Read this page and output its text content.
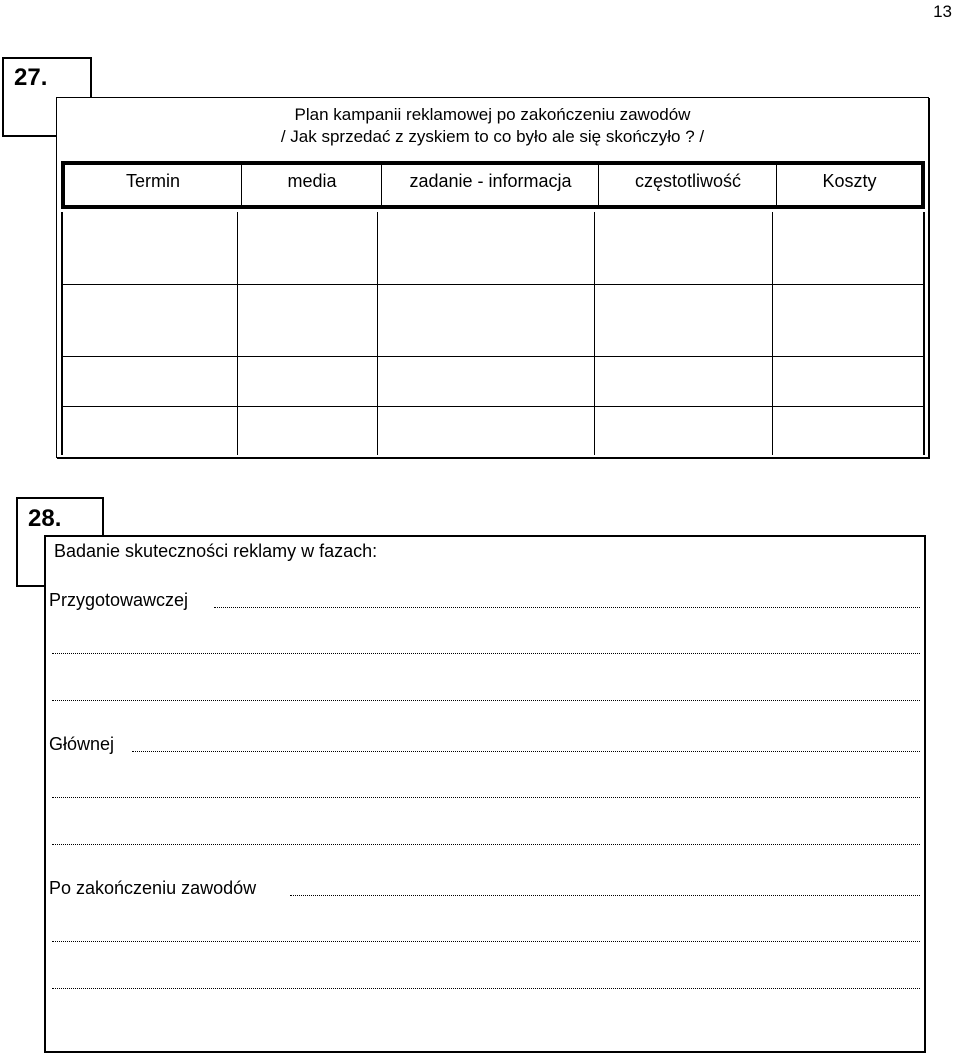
13
27.
Plan kampanii reklamowej po zakończeniu zawodów
/ Jak sprzedać z zyskiem to co było ale się skończyło ? /
Termin	media	zadanie - informacja	częstotliwość	Koszty
28.
Badanie skuteczności reklamy w fazach:
Przygotowawczej
Głównej
Po zakończeniu zawodów
